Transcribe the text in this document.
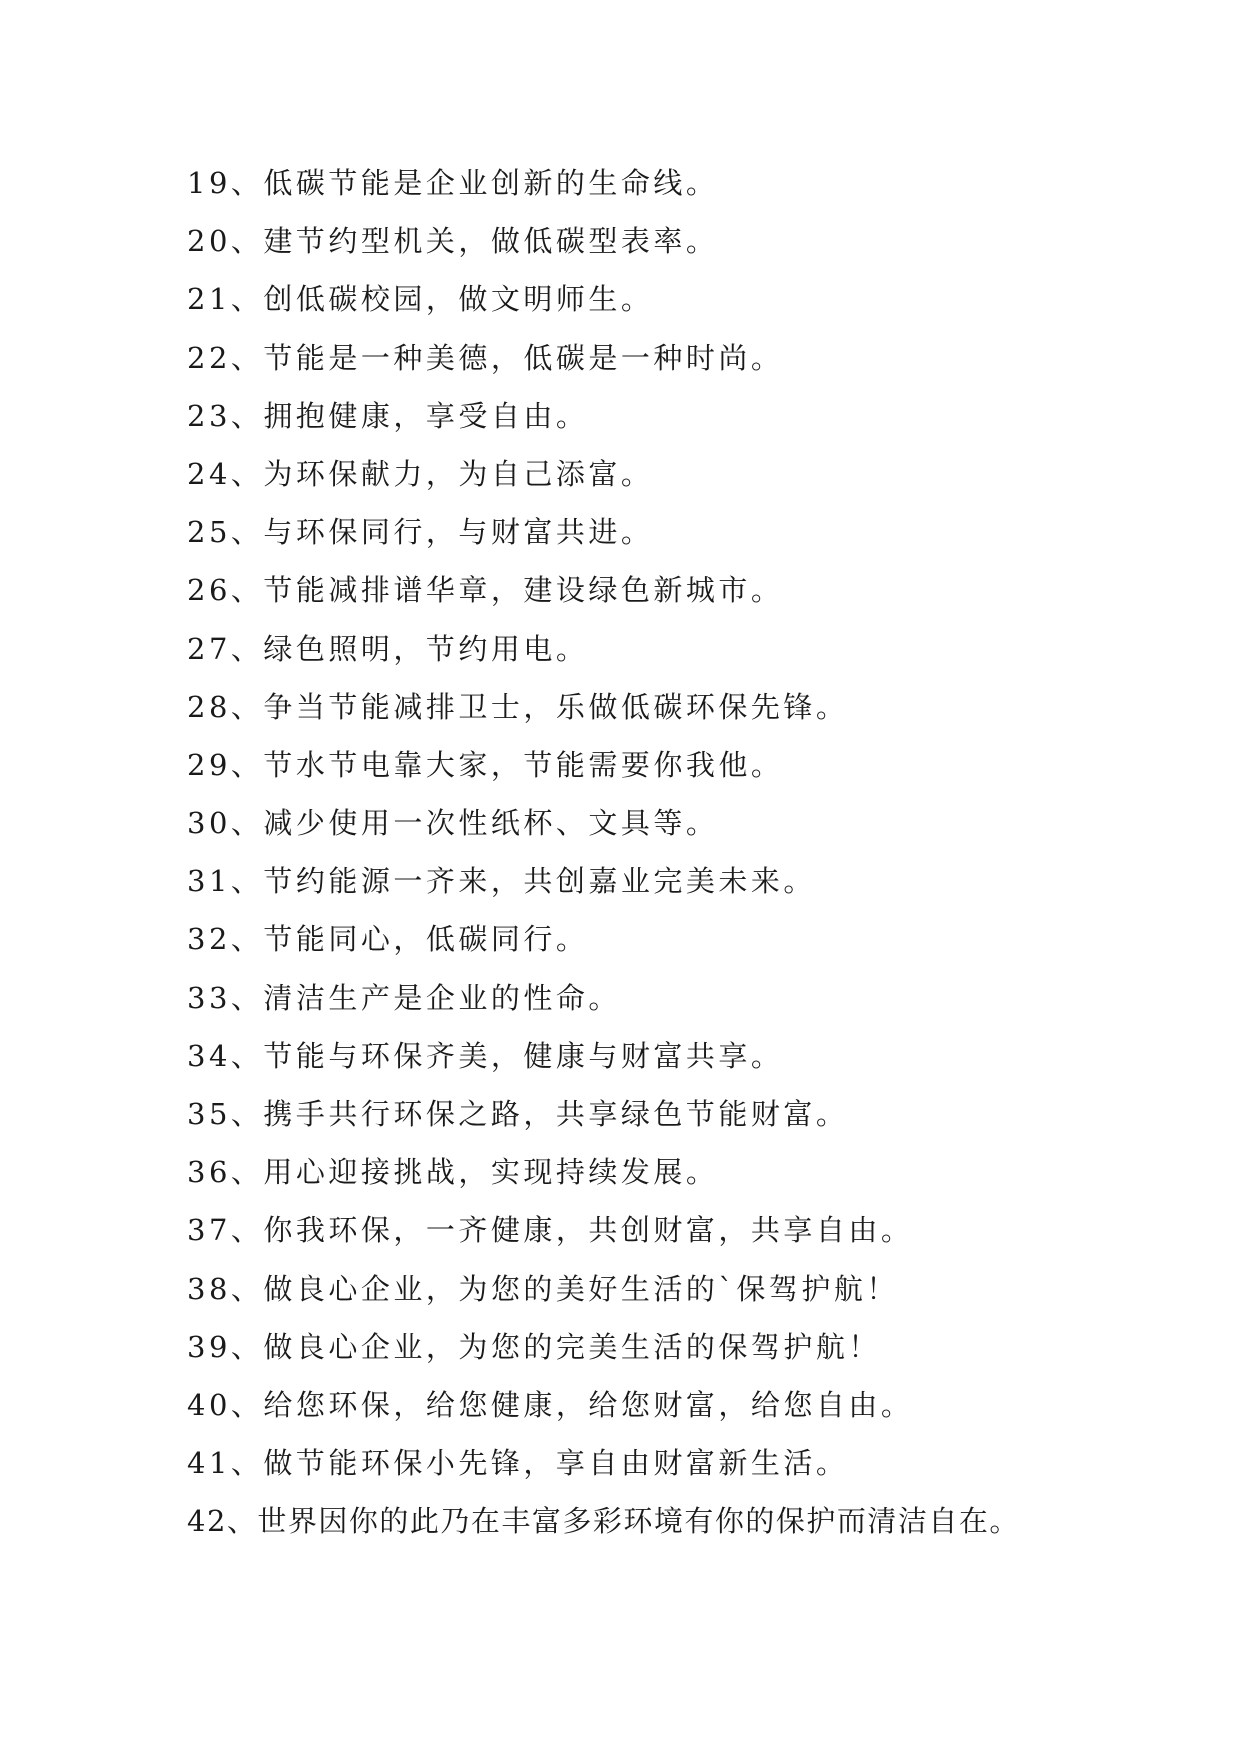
19、低碳节能是企业创新的生命线。
20、建节约型机关，做低碳型表率。
21、创低碳校园，做文明师生。
22、节能是一种美德，低碳是一种时尚。
23、拥抱健康，享受自由。
24、为环保献力，为自己添富。
25、与环保同行，与财富共进。
26、节能减排谱华章，建设绿色新城市。
27、绿色照明，节约用电。
28、争当节能减排卫士，乐做低碳环保先锋。
29、节水节电靠大家，节能需要你我他。
30、减少使用一次性纸杯、文具等。
31、节约能源一齐来，共创嘉业完美未来。
32、节能同心，低碳同行。
33、清洁生产是企业的性命。
34、节能与环保齐美，健康与财富共享。
35、携手共行环保之路，共享绿色节能财富。
36、用心迎接挑战，实现持续发展。
37、你我环保，一齐健康，共创财富，共享自由。
38、做良心企业，为您的美好生活的`保驾护航！
39、做良心企业，为您的完美生活的保驾护航！
40、给您环保，给您健康，给您财富，给您自由。
41、做节能环保小先锋，享自由财富新生活。
42、世界因你的此乃在丰富多彩环境有你的保护而清洁自在。
